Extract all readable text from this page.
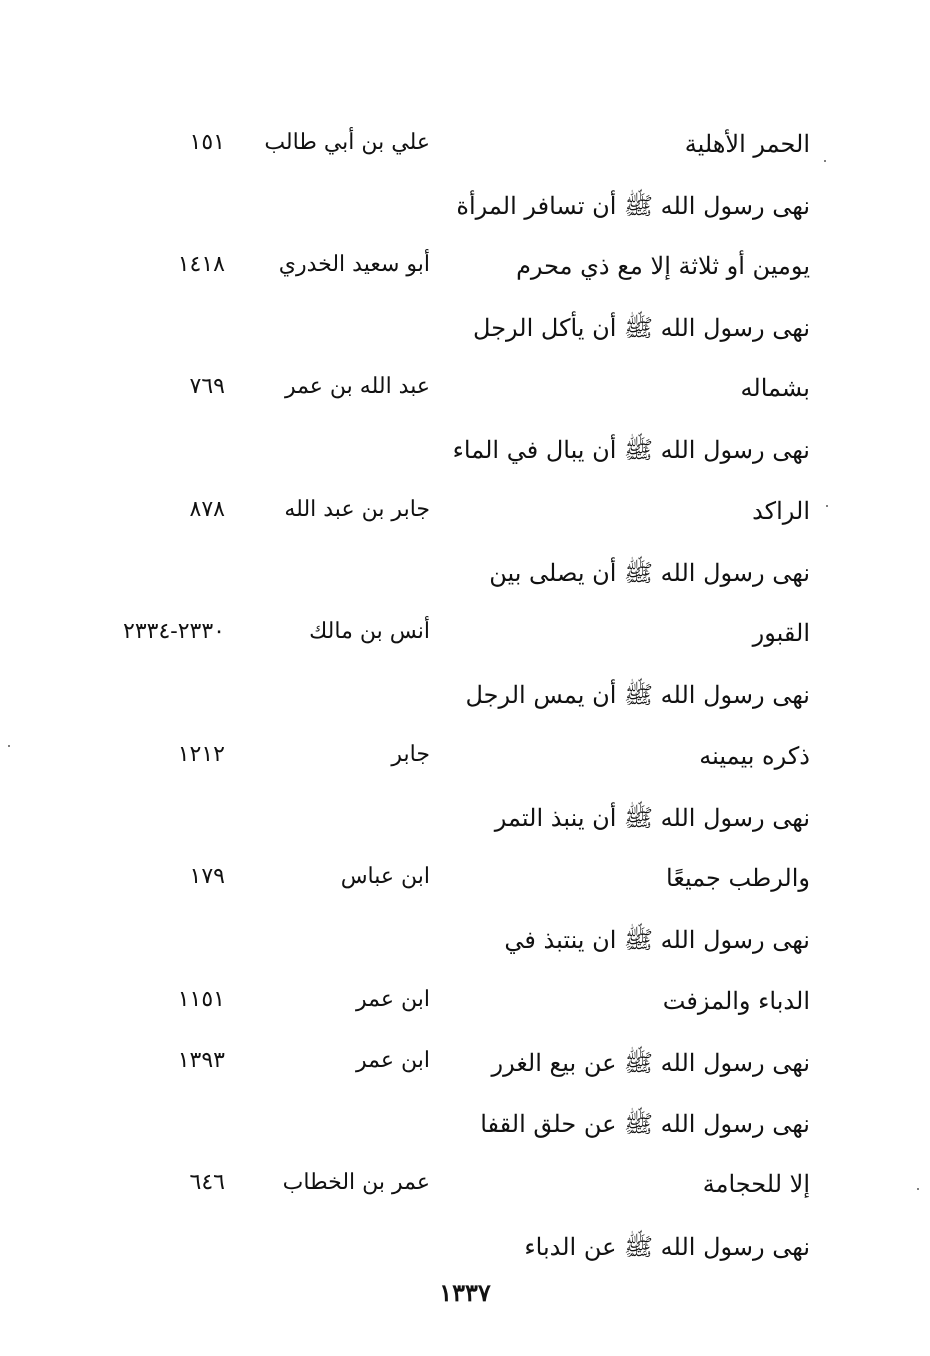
الحمر الأهلية
علي بن أبي طالب
١٥١
نهى رسول الله ﷺ أن تسافر المرأة
يومين أو ثلاثة إلا مع ذي محرم
أبو سعيد الخدري
١٤١٨
نهى رسول الله ﷺ أن يأكل الرجل
بشماله
عبد الله بن عمر
٧٦٩
نهى رسول الله ﷺ أن يبال في الماء
الراكد
جابر بن عبد الله
٨٧٨
نهى رسول الله ﷺ أن يصلى بين
القبور
أنس بن مالك
٢٣٣٠-٢٣٣٤
نهى رسول الله ﷺ أن يمس الرجل
ذكره بيمينه
جابر
١٢١٢
نهى رسول الله ﷺ أن ينبذ التمر
والرطب جميعًا
ابن عباس
١٧٩
نهى رسول الله ﷺ ان ينتبذ في
الدباء والمزفت
ابن عمر
١١٥١
نهى رسول الله ﷺ عن بيع الغرر
ابن عمر
١٣٩٣
نهى رسول الله ﷺ عن حلق القفا
إلا للحجامة
عمر بن الخطاب
٦٤٦
نهى رسول الله ﷺ عن الدباء
١٣٣٧
